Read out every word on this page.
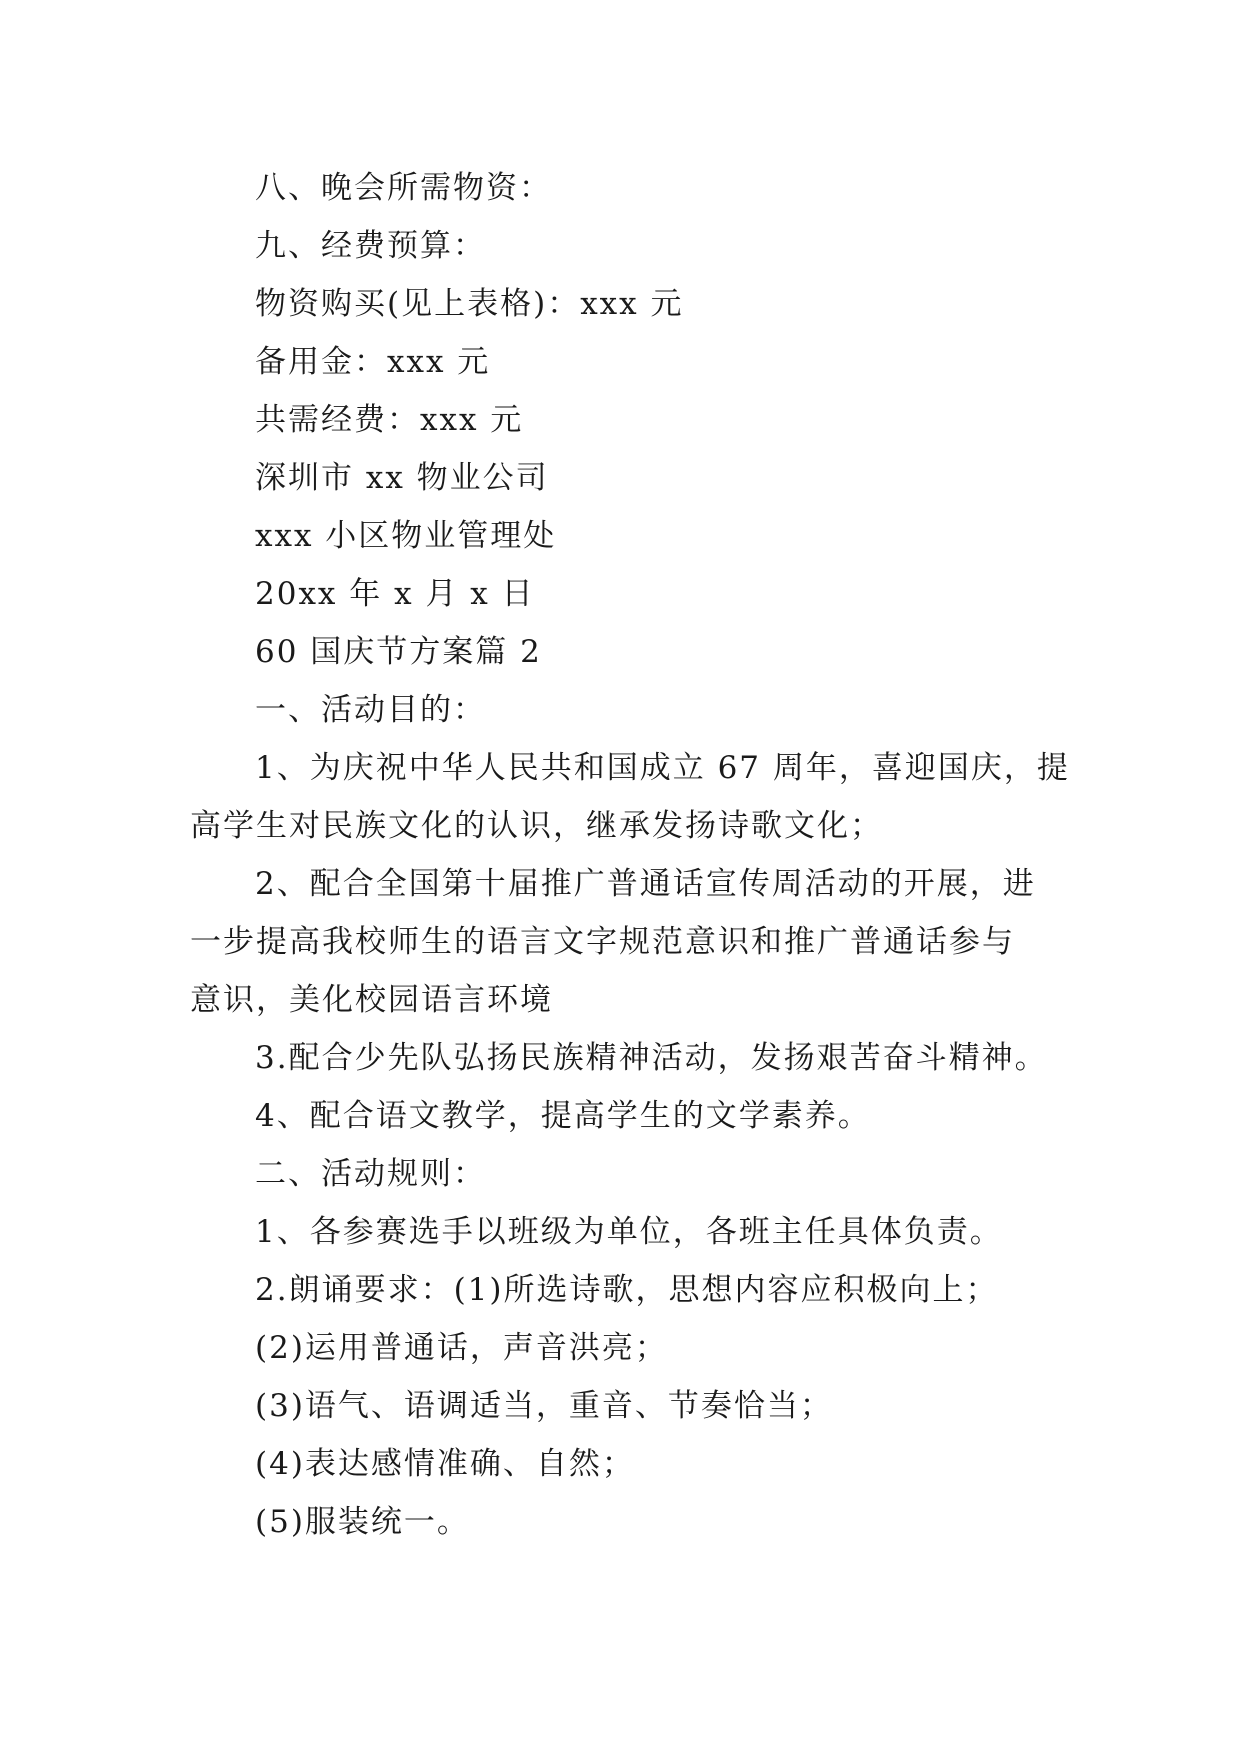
八、晚会所需物资：

九、经费预算：

物资购买(见上表格)：xxx 元

备用金：xxx 元

共需经费：xxx 元

深圳市 xx 物业公司

xxx 小区物业管理处

20xx 年 x 月 x 日

60 国庆节方案篇 2

一、活动目的：

1、为庆祝中华人民共和国成立 67 周年，喜迎国庆，提

高学生对民族文化的认识，继承发扬诗歌文化；

2、配合全国第十届推广普通话宣传周活动的开展，进

一步提高我校师生的语言文字规范意识和推广普通话参与

意识，美化校园语言环境

3.配合少先队弘扬民族精神活动，发扬艰苦奋斗精神。

4、配合语文教学，提高学生的文学素养。

二、活动规则：

1、各参赛选手以班级为单位，各班主任具体负责。

2.朗诵要求：(1)所选诗歌，思想内容应积极向上；

(2)运用普通话，声音洪亮；

(3)语气、语调适当，重音、节奏恰当；

(4)表达感情准确、自然；

(5)服装统一。
